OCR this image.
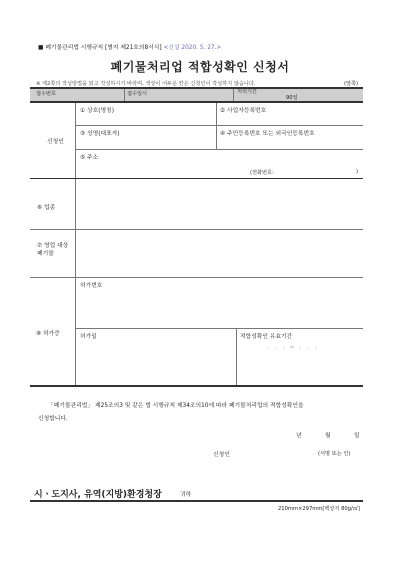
■ 폐기물관리법 시행규칙 [별지 제21호의8서식] <신설 2020. 5. 27.>
폐기물처리업 적합성확인 신청서
※ 제2쪽의 작성방법을 읽고 작성하시기 바라며, 색상이 어두운 칸은 신청인이 작성하지 않습니다.	(앞쪽)
접수번호	접수일시	처리기간
90일
신청인
① 상호(명칭)	② 사업자등록번호
③ 성명(대표자)	④ 주민등록번호 또는 외국인등록번호
⑤ 주소
(전화번호:	)
⑥ 업종
⑦ 영업 대상 폐기물
⑧ 허가증
허가번호
허가일	적합성확인 유효기간
. . . ~ . . .
「폐기물관리법」 제25조의3 및 같은 법 시행규칙 제34조의10에 따라 폐기물처리업의 적합성확인을
신청합니다.
년	월	일
신청인	(서명 또는 인)
시ㆍ도지사, 유역(지방)환경청장	귀하
210mm×297mm[백상지 80g/㎡]
